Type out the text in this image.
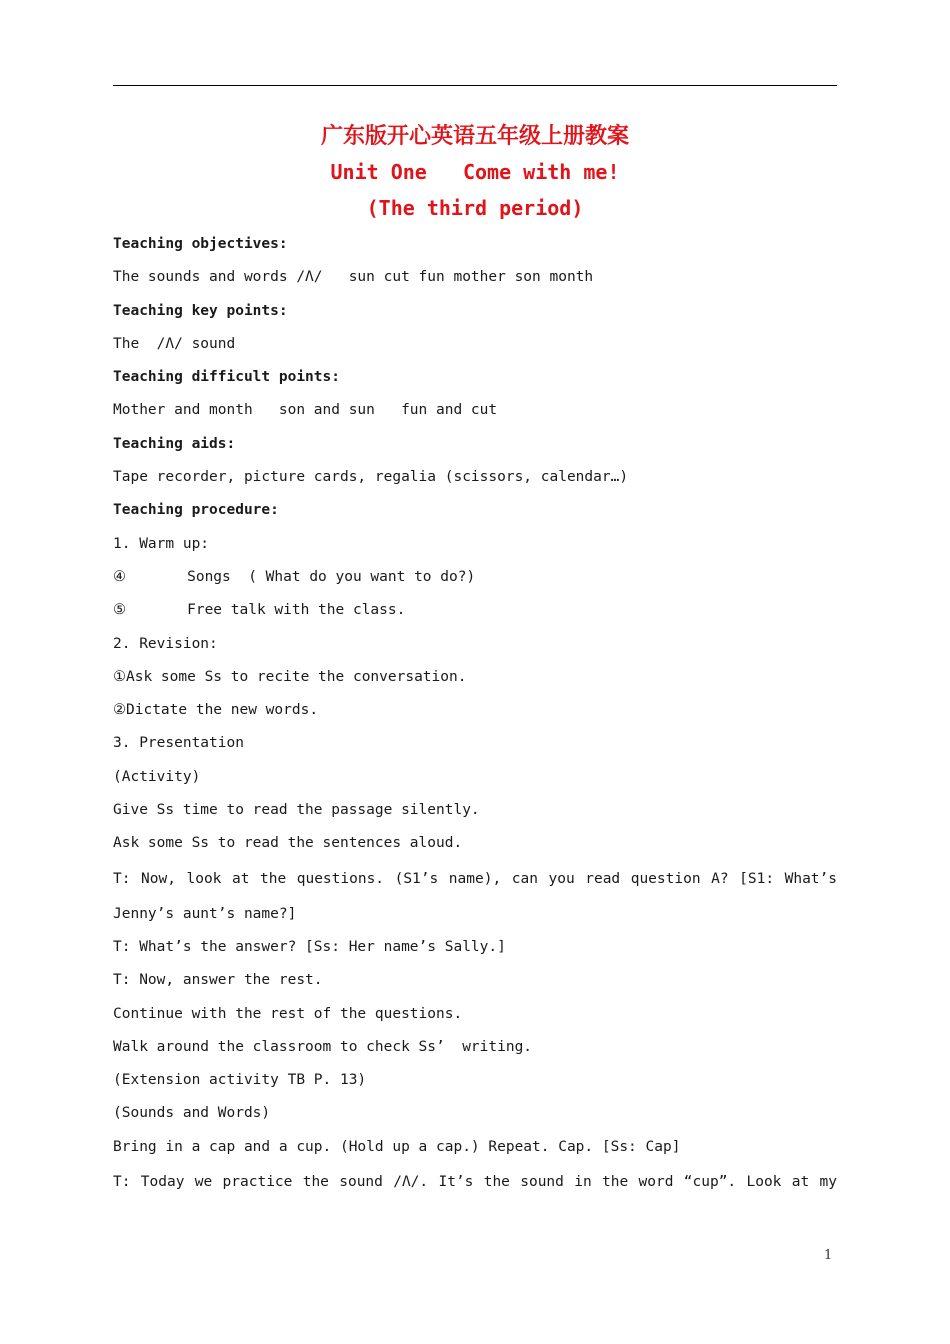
广东版开心英语五年级上册教案
Unit One   Come with me!
(The third period)
Teaching objectives:
The sounds and words /Λ/   sun cut fun mother son month
Teaching key points:
The  /Λ/ sound
Teaching difficult points:
Mother and month   son and sun   fun and cut
Teaching aids:
Tape recorder, picture cards, regalia (scissors, calendar…)
Teaching procedure:
1. Warm up:
④       Songs  ( What do you want to do?)
⑤       Free talk with the class.
2. Revision:
①Ask some Ss to recite the conversation.
②Dictate the new words.
3. Presentation
(Activity)
Give Ss time to read the passage silently.
Ask some Ss to read the sentences aloud.
T: Now, look at the questions. (S1’s name), can you read question A? [S1: What’s
Jenny’s aunt’s name?]
T: What’s the answer? [Ss: Her name’s Sally.]
T: Now, answer the rest.
Continue with the rest of the questions.
Walk around the classroom to check Ss’  writing.
(Extension activity TB P. 13)
(Sounds and Words)
Bring in a cap and a cup. (Hold up a cap.) Repeat. Cap. [Ss: Cap]
T: Today we practice the sound /Λ/. It’s the sound in the word “cup”. Look at my
1
